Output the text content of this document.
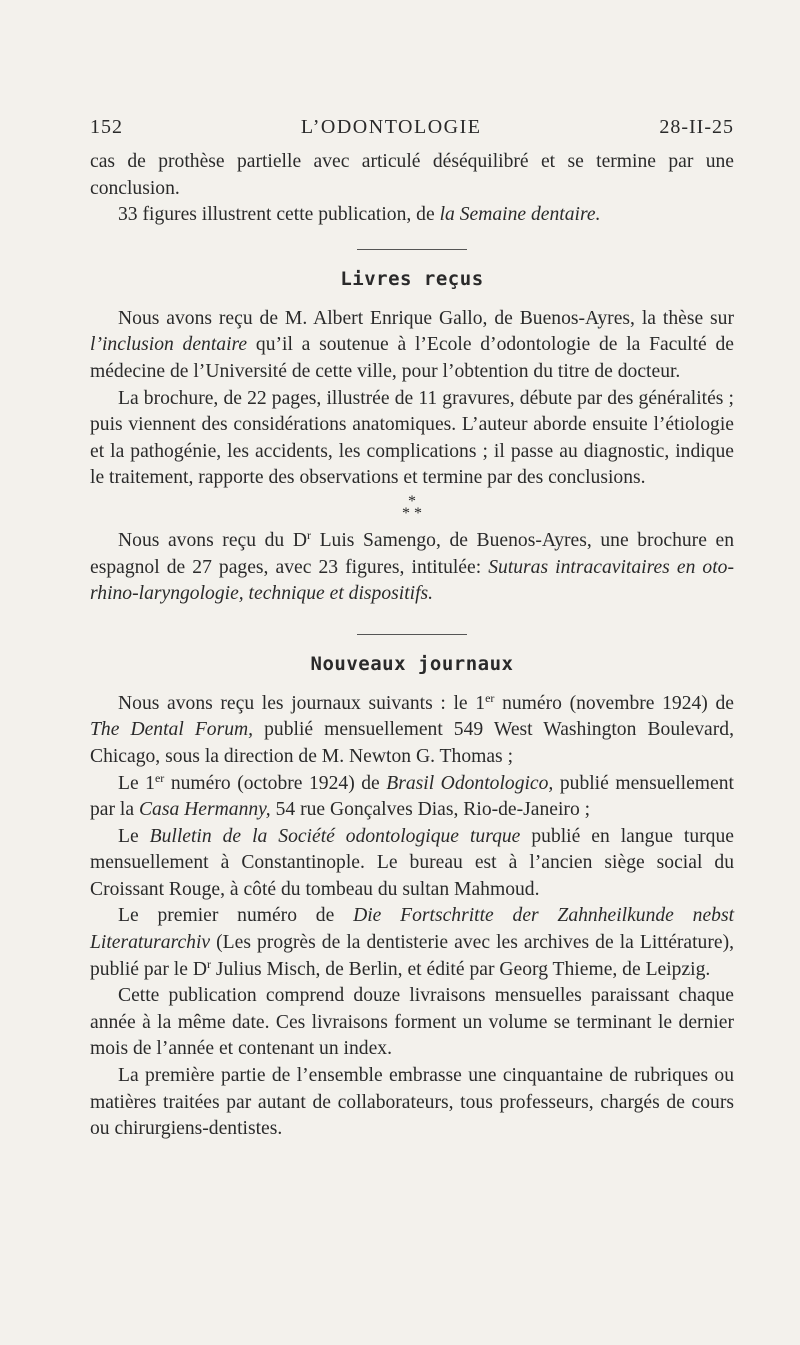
152	L’ODONTOLOGIE	28-II-25

cas de prothèse partielle avec articulé déséquilibré et se termine par une conclusion.

33 figures illustrent cette publication, de la Semaine dentaire.

Livres reçus

Nous avons reçu de M. Albert Enrique Gallo, de Buenos-Ayres, la thèse sur l’inclusion dentaire qu’il a soutenue à l’Ecole d’odontologie de la Faculté de médecine de l’Université de cette ville, pour l’obtention du titre de docteur.

La brochure, de 22 pages, illustrée de 11 gravures, débute par des généralités ; puis viennent des considérations anatomiques. L’auteur aborde ensuite l’étiologie et la pathogénie, les accidents, les complications ; il passe au diagnostic, indique le traitement, rapporte des observations et termine par des conclusions.

*
* *

Nous avons reçu du $D^r$ Luis Samengo, de Buenos-Ayres, une brochure en espagnol de 27 pages, avec 23 figures, intitulée: Suturas intracavitaires en oto-rhino-laryngologie, technique et dispositifs.

Nouveaux journaux

Nous avons reçu les journaux suivants : le 1er numéro (novembre 1924) de The Dental Forum, publié mensuellement 549 West Washington Boulevard, Chicago, sous la direction de M. Newton G. Thomas ;

Le 1er numéro (octobre 1924) de Brasil Odontologico, publié mensuellement par la Casa Hermanny, 54 rue Gonçalves Dias, Rio-de-Janeiro ;

Le Bulletin de la Société odontologique turque publié en langue turque mensuellement à Constantinople. Le bureau est à l’ancien siège social du Croissant Rouge, à côté du tombeau du sultan Mahmoud.

Le premier numéro de Die Fortschritte der Zahnheilkunde nebst Literaturarchiv (Les progrès de la dentisterie avec les archives de la Littérature), publié par le $D^r$ Julius Misch, de Berlin, et édité par Georg Thieme, de Leipzig.

Cette publication comprend douze livraisons mensuelles paraissant chaque année à la même date. Ces livraisons forment un volume se terminant le dernier mois de l’année et contenant un index.

La première partie de l’ensemble embrasse une cinquantaine de rubriques ou matières traitées par autant de collaborateurs, tous professeurs, chargés de cours ou chirurgiens-dentistes.
